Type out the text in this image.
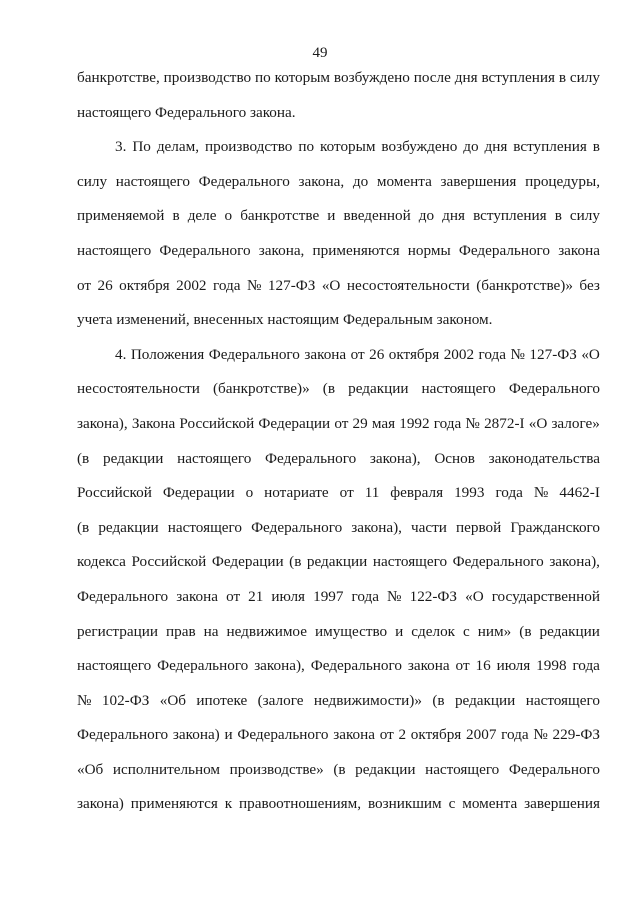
49
банкротстве, производство по которым возбуждено после дня вступления в силу
настоящего Федерального закона.
3. По делам, производство по которым возбуждено до дня вступления в
силу настоящего Федерального закона, до момента завершения процедуры,
применяемой в деле о банкротстве и введенной до дня вступления в силу
настоящего Федерального закона, применяются нормы Федерального закона
от 26 октября 2002 года № 127-ФЗ «О несостоятельности (банкротстве)» без
учета изменений, внесенных настоящим Федеральным законом.
4. Положения Федерального закона от 26 октября 2002 года № 127-ФЗ «О
несостоятельности (банкротстве)» (в редакции настоящего Федерального
закона), Закона Российской Федерации от 29 мая 1992 года № 2872-I «О залоге»
(в редакции настоящего Федерального закона), Основ законодательства
Российской Федерации о нотариате от 11 февраля 1993 года № 4462-I
(в редакции настоящего Федерального закона), части первой Гражданского
кодекса Российской Федерации (в редакции настоящего Федерального закона),
Федерального закона от 21 июля 1997 года № 122-ФЗ «О государственной
регистрации прав на недвижимое имущество и сделок с ним» (в редакции
настоящего Федерального закона), Федерального закона от 16 июля 1998 года
№ 102-ФЗ «Об ипотеке (залоге недвижимости)» (в редакции настоящего
Федерального закона) и Федерального закона от 2 октября 2007 года № 229-ФЗ
«Об исполнительном производстве» (в редакции настоящего Федерального
закона) применяются к правоотношениям, возникшим с момента завершения
